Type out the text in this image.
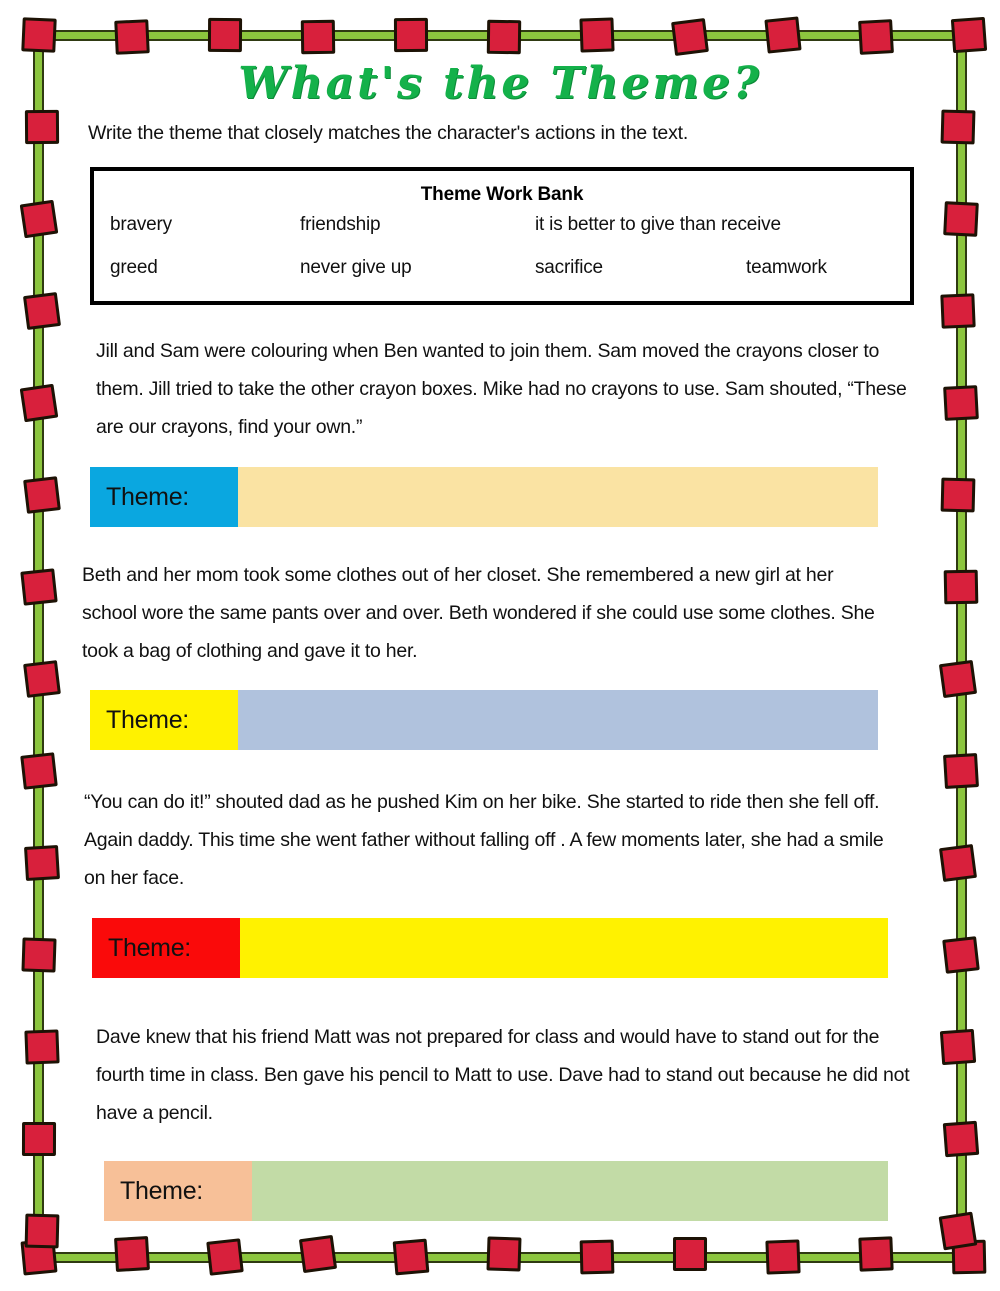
What's the Theme?
Write the theme that closely matches the character's actions in the text.
Theme Work Bank
bravery	friendship	it is better to give than receive
greed	never give up	sacrifice	teamwork
Jill and Sam were colouring when Ben wanted to join them. Sam moved the crayons closer to them. Jill tried to take the other crayon boxes. Mike had no crayons to use. Sam shouted, “These are our crayons, find your own.”
Theme:
Beth and her mom took some clothes out of her closet. She remembered a new girl at her school wore the same pants over and over. Beth wondered if she could use some clothes. She took a bag of clothing and gave it to her.
Theme:
“You can do it!” shouted dad as he pushed Kim on her bike. She started to ride then she fell off. Again daddy. This time she went father without falling off . A few moments later, she had a smile on her face.
Theme:
Dave knew that his friend Matt was not prepared for class and would have to stand out for the fourth time in class. Ben gave his pencil to Matt to use. Dave had to stand out because he did not have a pencil.
Theme:
